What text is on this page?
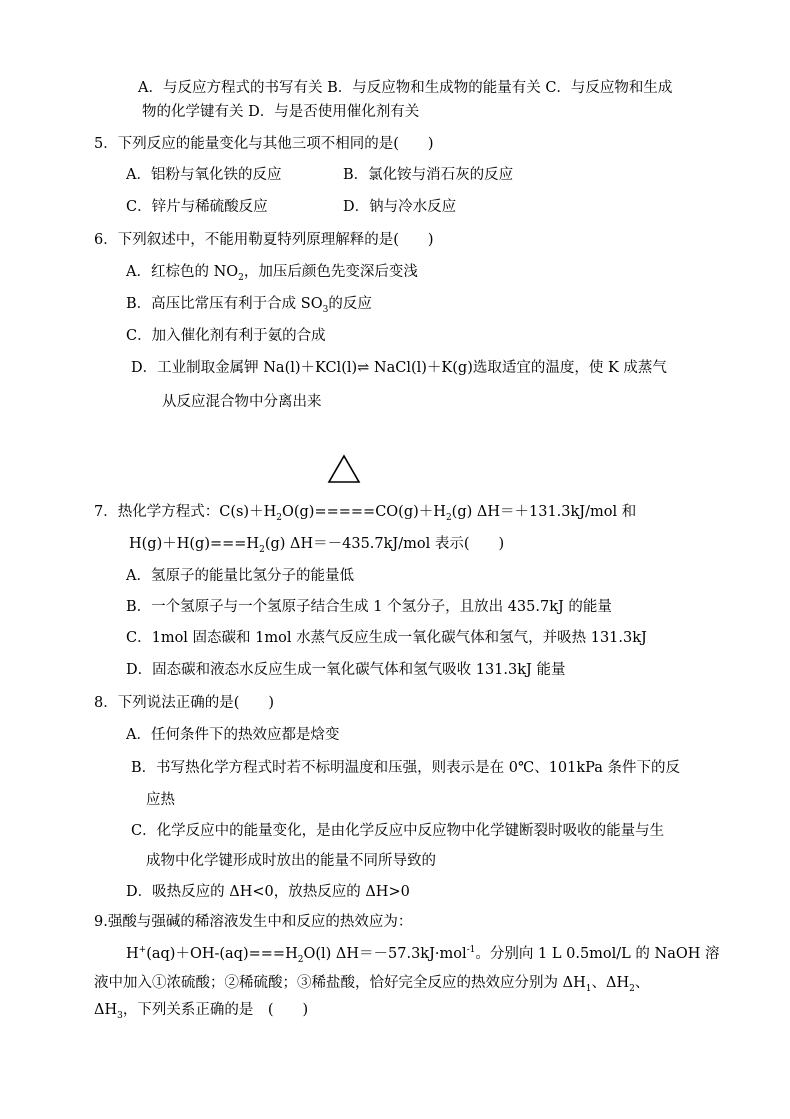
A．与反应方程式的书写有关 B．与反应物和生成物的能量有关 C．与反应物和生成
物的化学键有关 D．与是否使用催化剂有关
5．下列反应的能量变化与其他三项不相同的是(　　)
A．铝粉与氧化铁的反应	B．氯化铵与消石灰的反应
C．锌片与稀硫酸反应	D．钠与冷水反应
6．下列叙述中，不能用勒夏特列原理解释的是(　　)
A．红棕色的 $NO_2$，加压后颜色先变深后变浅
B．高压比常压有利于合成 $SO_3$的反应
C．加入催化剂有利于氨的合成
D．工业制取金属钾 Na(l)＋KCl(l)⇌ NaCl(l)＋K(g)选取适宜的温度，使 K 成蒸气
从反应混合物中分离出来
7．热化学方程式：$C(s)+H_2O(g)=====CO(g)+H_2(g)$ ΔH＝＋131.3kJ/mol 和
$H(g)+H(g)===H_2(g)$ ΔH＝－435.7kJ/mol 表示(　　)
A．氢原子的能量比氢分子的能量低
B．一个氢原子与一个氢原子结合生成 1 个氢分子，且放出 435.7kJ 的能量
C．1mol 固态碳和 1mol 水蒸气反应生成一氧化碳气体和氢气，并吸热 131.3kJ
D．固态碳和液态水反应生成一氧化碳气体和氢气吸收 131.3kJ 能量
8．下列说法正确的是(　　)
A．任何条件下的热效应都是焓变
B．书写热化学方程式时若不标明温度和压强，则表示是在 0℃、101kPa 条件下的反
应热
C．化学反应中的能量变化，是由化学反应中反应物中化学键断裂时吸收的能量与生
成物中化学键形成时放出的能量不同所导致的
D．吸热反应的 ΔH<0，放热反应的 ΔH>0
9.强酸与强碱的稀溶液发生中和反应的热效应为：
$H^+(aq)+OH-(aq)===H_2O(l)$ ΔH＝－57.3kJ·mol$^{-1}$。分别向 1 L 0.5mol/L 的 NaOH 溶
液中加入①浓硫酸；②稀硫酸；③稀盐酸，恰好完全反应的热效应分别为 $\Delta H_1$、$\Delta H_2$、
$\Delta H_3$，下列关系正确的是　(　　)
